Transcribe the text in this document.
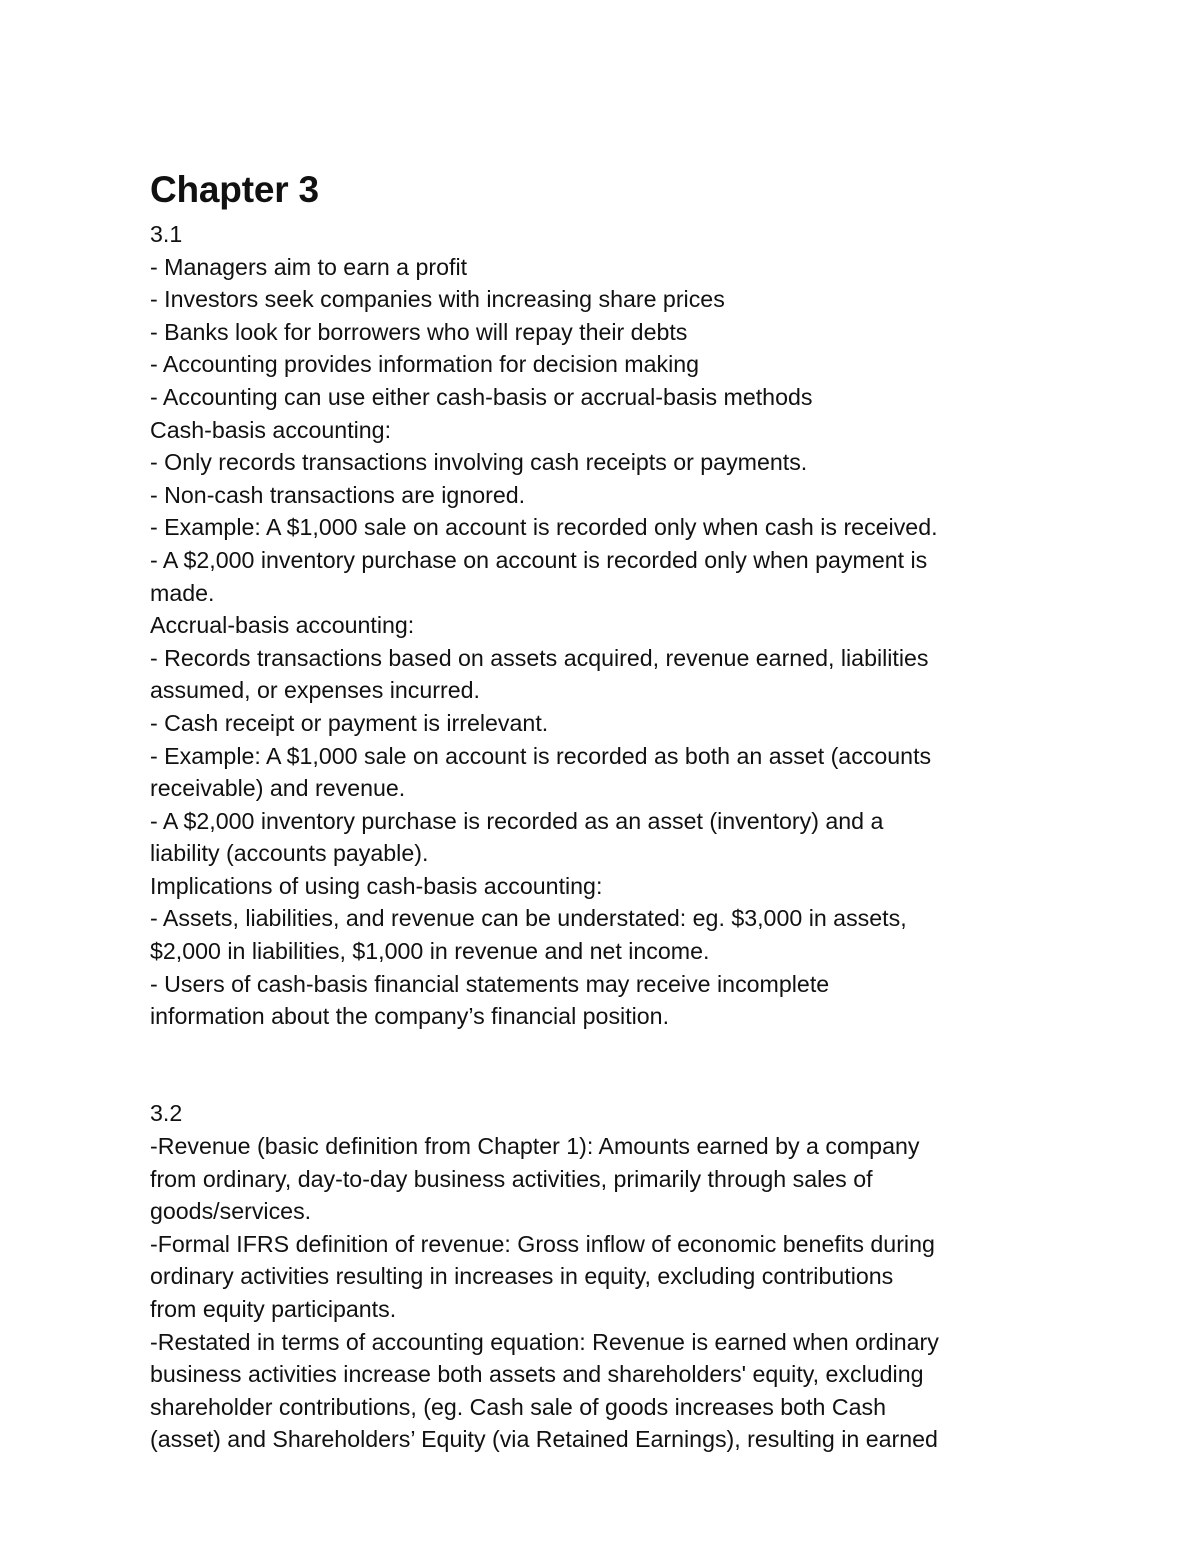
Chapter 3

3.1

- Managers aim to earn a profit

- Investors seek companies with increasing share prices

- Banks look for borrowers who will repay their debts

- Accounting provides information for decision making

- Accounting can use either cash-basis or accrual-basis methods

Cash-basis accounting:

- Only records transactions involving cash receipts or payments.

- Non-cash transactions are ignored.

- Example: A $1,000 sale on account is recorded only when cash is received.

- A $2,000 inventory purchase on account is recorded only when payment is

made.

Accrual-basis accounting:

- Records transactions based on assets acquired, revenue earned, liabilities

assumed, or expenses incurred.

- Cash receipt or payment is irrelevant.

- Example: A $1,000 sale on account is recorded as both an asset (accounts

receivable) and revenue.

- A $2,000 inventory purchase is recorded as an asset (inventory) and a

liability (accounts payable).

Implications of using cash-basis accounting:

- Assets, liabilities, and revenue can be understated: eg. $3,000 in assets,

$2,000 in liabilities, $1,000 in revenue and net income.

- Users of cash-basis financial statements may receive incomplete

information about the company’s financial position.

3.2

-Revenue (basic definition from Chapter 1): Amounts earned by a company

from ordinary, day-to-day business activities, primarily through sales of

goods/services.

-Formal IFRS definition of revenue: Gross inflow of economic benefits during

ordinary activities resulting in increases in equity, excluding contributions

from equity participants.

-Restated in terms of accounting equation: Revenue is earned when ordinary

business activities increase both assets and shareholders' equity, excluding

shareholder contributions, (eg. Cash sale of goods increases both Cash

(asset) and Shareholders’ Equity (via Retained Earnings), resulting in earned
